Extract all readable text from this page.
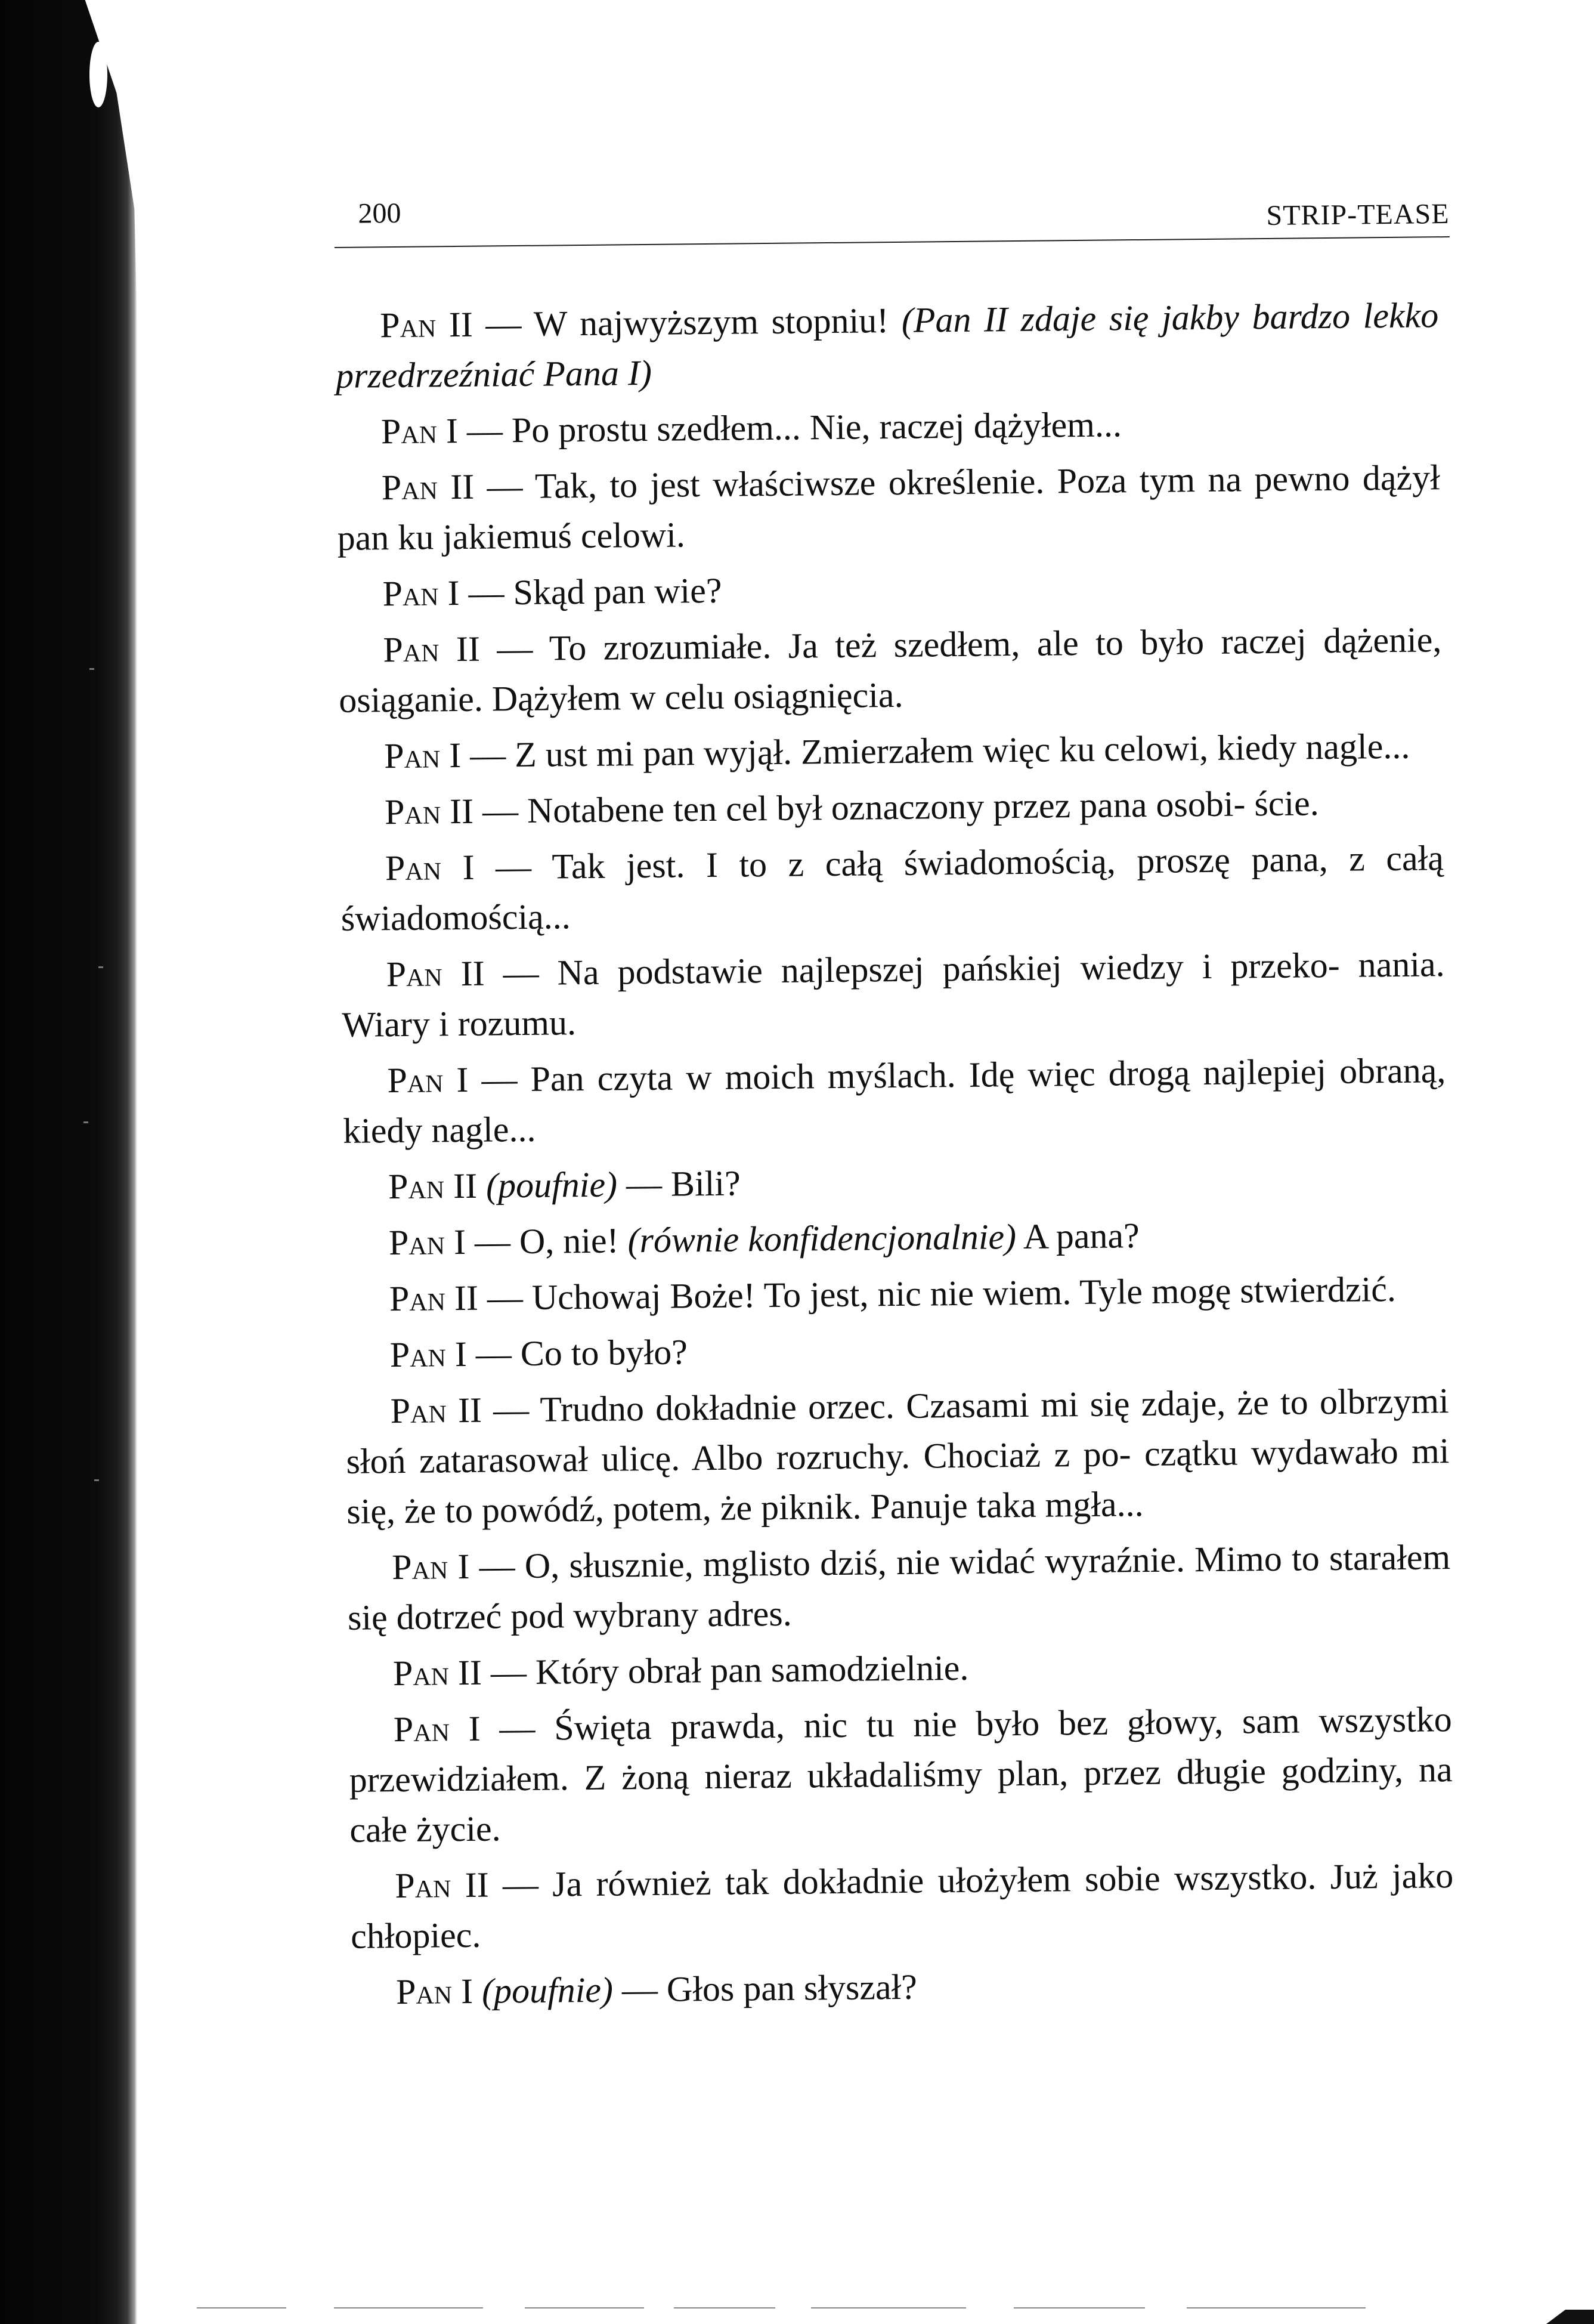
200	STRIP-TEASE

Pan II — W najwyższym stopniu! (Pan II zdaje się jakby bardzo lekko przedrzeźniać Pana I)

Pan I — Po prostu szedłem... Nie, raczej dążyłem...

Pan II — Tak, to jest właściwsze określenie. Poza tym na pewno dążył pan ku jakiemuś celowi.

Pan I — Skąd pan wie?

Pan II — To zrozumiałe. Ja też szedłem, ale to było raczej dążenie, osiąganie. Dążyłem w celu osiągnięcia.

Pan I — Z ust mi pan wyjął. Zmierzałem więc ku celowi, kiedy nagle...

Pan II — Notabene ten cel był oznaczony przez pana osobi- ście.

Pan I — Tak jest. I to z całą świadomością, proszę pana, z całą świadomością...

Pan II — Na podstawie najlepszej pańskiej wiedzy i przeko- nania. Wiary i rozumu.

Pan I — Pan czyta w moich myślach. Idę więc drogą najlepiej obraną, kiedy nagle...

Pan II (poufnie) — Bili?

Pan I — O, nie! (równie konfidencjonalnie) A pana?

Pan II — Uchowaj Boże! To jest, nic nie wiem. Tyle mogę stwierdzić.

Pan I — Co to było?

Pan II — Trudno dokładnie orzec. Czasami mi się zdaje, że to olbrzymi słoń zatarasował ulicę. Albo rozruchy. Chociaż z po- czątku wydawało mi się, że to powódź, potem, że piknik. Panuje taka mgła...

Pan I — O, słusznie, mglisto dziś, nie widać wyraźnie. Mimo to starałem się dotrzeć pod wybrany adres.

Pan II — Który obrał pan samodzielnie.

Pan I — Święta prawda, nic tu nie było bez głowy, sam wszystko przewidziałem. Z żoną nieraz układaliśmy plan, przez długie godziny, na całe życie.

Pan II — Ja również tak dokładnie ułożyłem sobie wszystko. Już jako chłopiec.

Pan I (poufnie) — Głos pan słyszał?
